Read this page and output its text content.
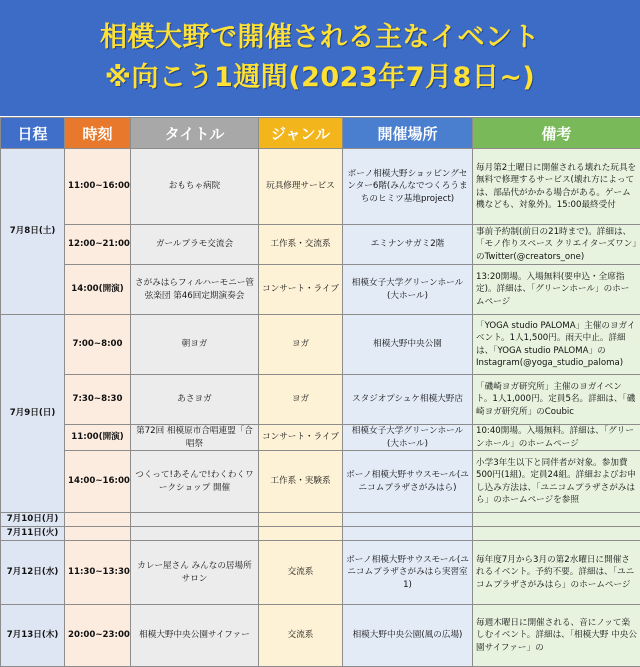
相模大野で開催される主なイベント
※向こう1週間(2023年7月8日~)
日程	時刻	タイトル	ジャンル	開催場所	備考
7月8日(土)	11:00~16:00	おもちゃ病院	玩具修理サービス	ボーノ相模大野ショッピングセンター6階(みんなでつくろうまちのヒミツ基地project)	毎月第2土曜日に開催される壊れた玩具を無料で修理するサービス(壊れ方によっては、部品代がかかる場合がある。ゲーム機なども、対象外)。15:00最終受付
	12:00~21:00	ガールプラモ交流会	工作系・交流系	エミナンサガミ2階	事前予約制(前日の21時まで)。詳細は、「モノ作りスペース クリエイターズワン」のTwitter(@creators_one)
	14:00(開演)	さがみはらフィルハーモニー管弦楽団 第46回定期演奏会	コンサート・ライブ	相模女子大学グリーンホール(大ホール)	13:20開場。入場無料(要申込・全席指定)。詳細は、「グリーンホール」のホームページ
7月9日(日)	7:00~8:00	朝ヨガ	ヨガ	相模大野中央公園	「YOGA studio PALOMA」主催のヨガイベント。1人1,500円。雨天中止。詳細は、「YOGA studio PALOMA」のInstagram(@yoga_studio_paloma)
	7:30~8:30	あさヨガ	ヨガ	スタジオプシュケ相模大野店	「磯崎ヨガ研究所」主催のヨガイベント。1人1,000円。定員5名。詳細は、「磯崎ヨガ研究所」のCoubic
	11:00(開演)	第72回 相模原市合唱連盟「合唱祭	コンサート・ライブ	相模女子大学グリーンホール(大ホール)	10:40開場。入場無料。詳細は、「グリーンホール」のホームページ
	14:00~16:00	つくって!あそんで!わくわくワークショップ 開催	工作系・実験系	ボーノ相模大野サウスモール(ユニコムプラザさがみはら)	小学3年生以下と同伴者が対象。参加費500円(1組)。定員24組。詳細およびお申し込み方法は、「ユニコムプラザさがみはら」のホームページを参照
7月10日(月)					
7月11日(火)					
7月12日(水)	11:30~13:30	カレー屋さん みんなの居場所サロン	交流系	ボーノ相模大野サウスモール(ユニコムプラザさがみはら実習室1)	毎年度7月から3月の第2水曜日に開催されるイベント。予約不要。詳細は、「ユニコムプラザさがみはら」のホームページ
7月13日(木)	20:00~23:00	相模大野中央公園サイファー	交流系	相模大野中央公園(風の広場)	毎週木曜日に開催される、音にノッて楽しむイベント。詳細は、「相模大野 中央公園サイファー」の
